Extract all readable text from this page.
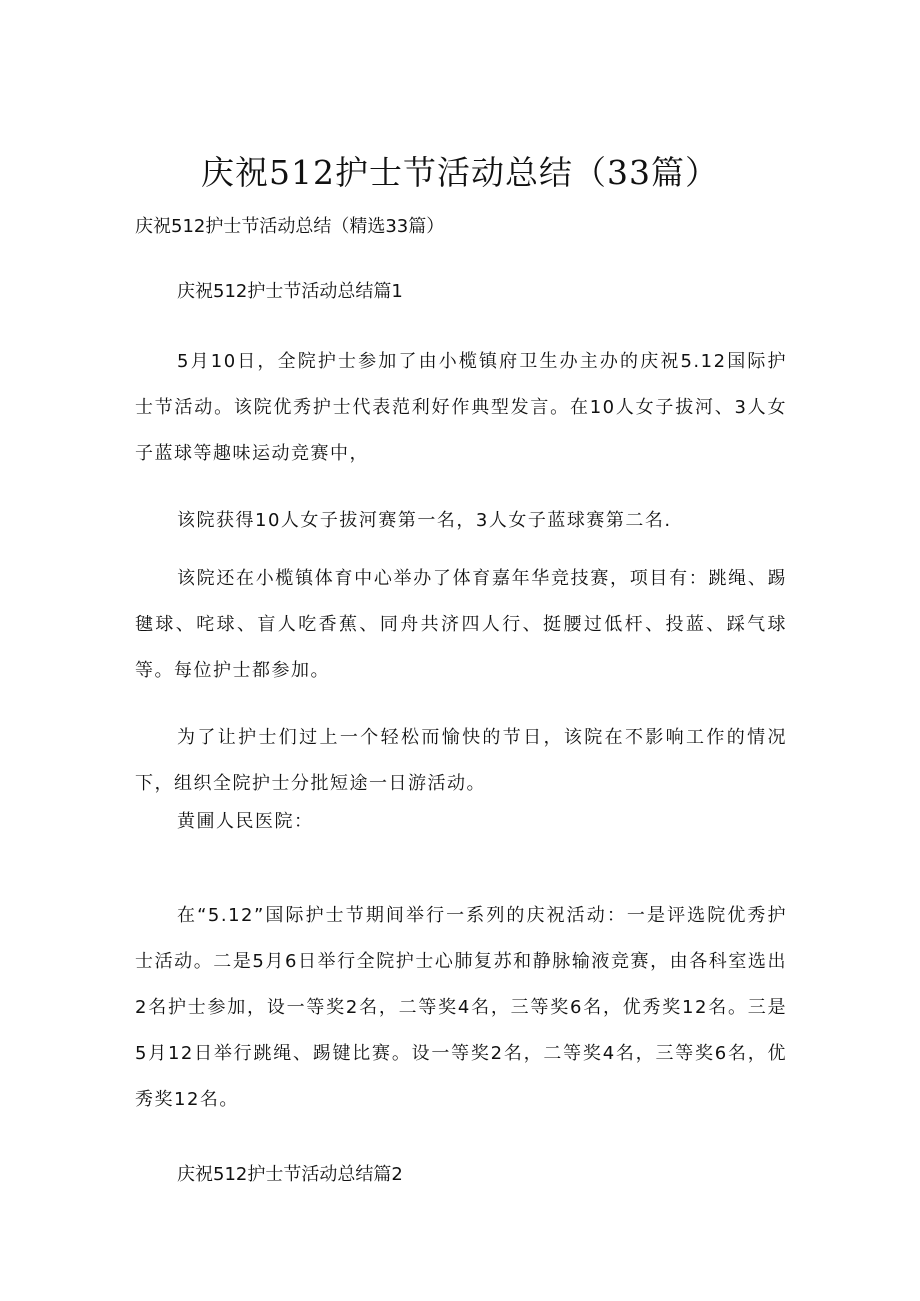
庆祝512护士节活动总结（33篇）

庆祝512护士节活动总结（精选33篇）

庆祝512护士节活动总结篇1

5月10日，全院护士参加了由小榄镇府卫生办主办的庆祝5.12国际护士节活动。该院优秀护士代表范利好作典型发言。在10人女子拔河、3人女子蓝球等趣味运动竞赛中，

该院获得10人女子拔河赛第一名，3人女子蓝球赛第二名.

该院还在小榄镇体育中心举办了体育嘉年华竞技赛，项目有：跳绳、踢毽球、咤球、盲人吃香蕉、同舟共济四人行、挺腰过低杆、投蓝、踩气球等。每位护士都参加。

为了让护士们过上一个轻松而愉快的节日，该院在不影响工作的情况下，组织全院护士分批短途一日游活动。

黄圃人民医院：

在“5.12”国际护士节期间举行一系列的庆祝活动：一是评选院优秀护士活动。二是5月6日举行全院护士心肺复苏和静脉输液竞赛，由各科室选出2名护士参加，设一等奖2名，二等奖4名，三等奖6名，优秀奖12名。三是5月12日举行跳绳、踢键比赛。设一等奖2名，二等奖4名，三等奖6名，优秀奖12名。

庆祝512护士节活动总结篇2
